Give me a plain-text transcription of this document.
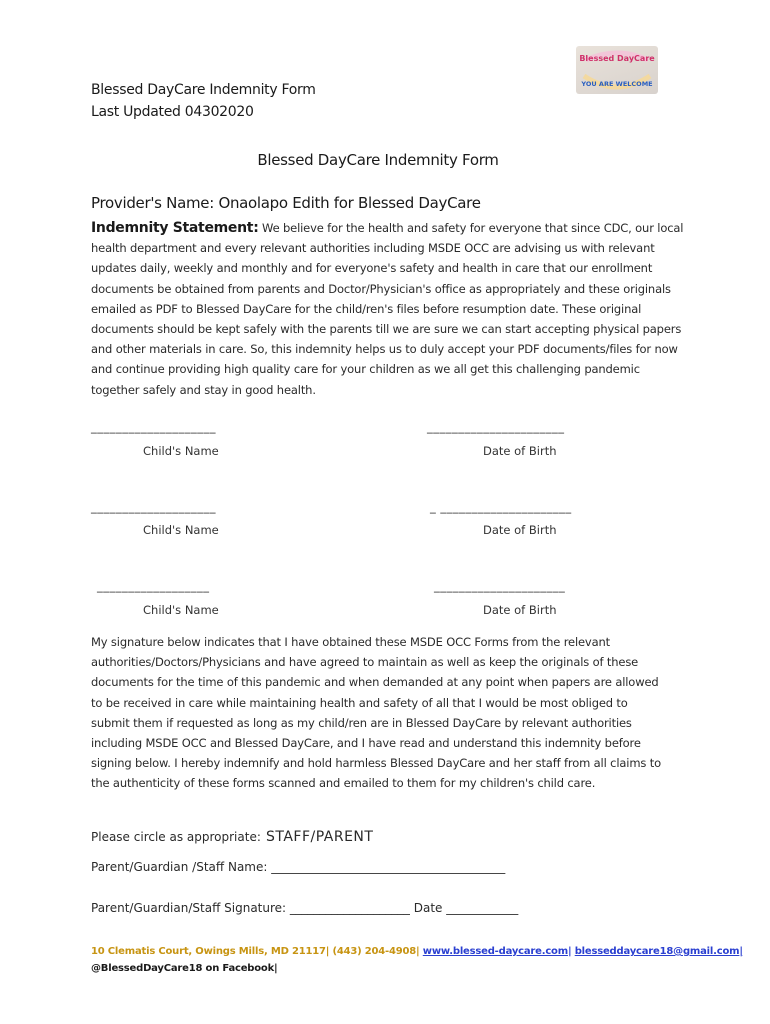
Blessed DayCare
YOU ARE WELCOME
Blessed DayCare Indemnity Form
Last Updated 04302020
Blessed DayCare Indemnity Form
Provider's Name: Onaolapo Edith for Blessed DayCare
Indemnity Statement: We believe for the health and safety for everyone that since CDC, our local health department and every relevant authorities including MSDE OCC are advising us with relevant updates daily, weekly and monthly and for everyone's safety and health in care that our enrollment documents be obtained from parents and Doctor/Physician's office as appropriately and these originals emailed as PDF to Blessed DayCare for the child/ren's files before resumption date. These original documents should be kept safely with the parents till we are sure we can start accepting physical papers and other materials in care. So, this indemnity helps us to duly accept your PDF documents/files for now and continue providing high quality care for your children as we all get this challenging pandemic together safely and stay in good health.
____________________
Child's Name
______________________
Date of Birth
____________________
Child's Name
_ _____________________
Date of Birth
__________________
Child's Name
_____________________
Date of Birth
My signature below indicates that I have obtained these MSDE OCC Forms from the relevant authorities/Doctors/Physicians and have agreed to maintain as well as keep the originals of these documents for the time of this pandemic and when demanded at any point when papers are allowed to be received in care while maintaining health and safety of all that I would be most obliged to submit them if requested as long as my child/ren are in Blessed DayCare by relevant authorities including MSDE OCC and Blessed DayCare, and I have read and understand this indemnity before signing below. I hereby indemnify and hold harmless Blessed DayCare and her staff from all claims to the authenticity of these forms scanned and emailed to them for my children's child care.
Please circle as appropriate: STAFF/PARENT
Parent/Guardian /Staff Name: _______________________________________
Parent/Guardian/Staff Signature: ____________________ Date ____________
10 Clematis Court, Owings Mills, MD 21117| (443) 204-4908| www.blessed-daycare.com| blesseddaycare18@gmail.com|
@BlessedDayCare18 on Facebook|
